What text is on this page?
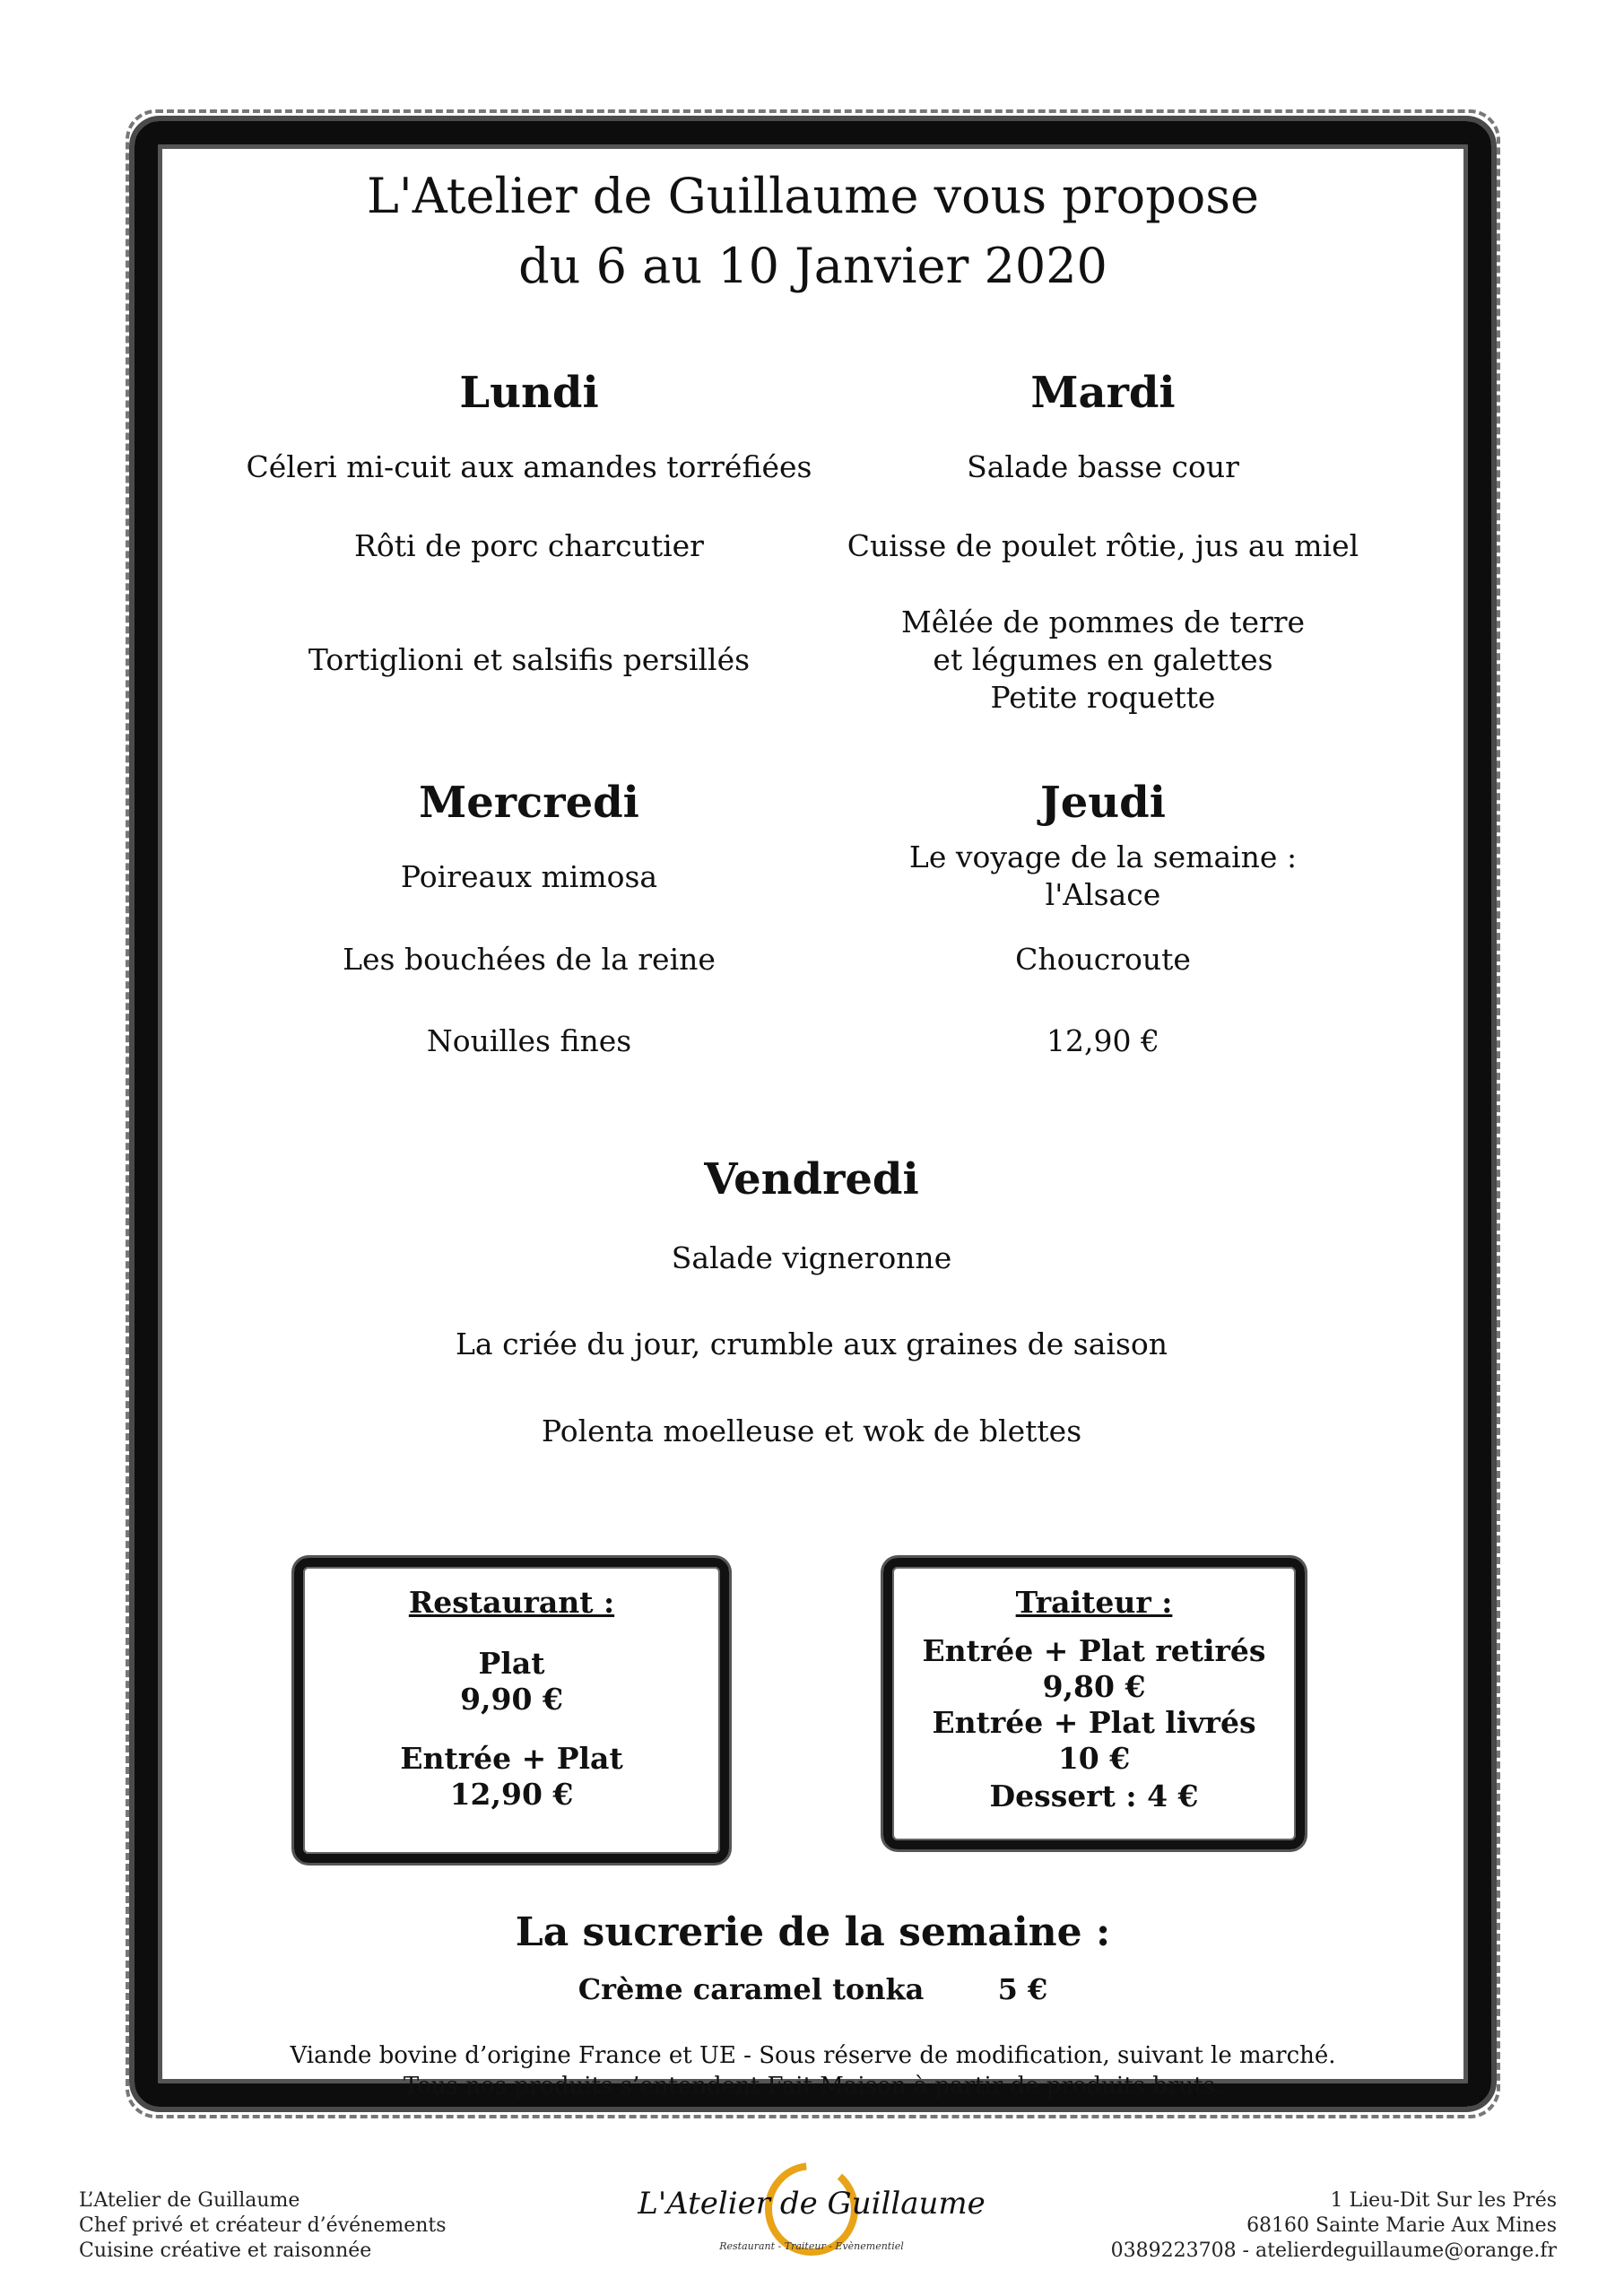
L'Atelier de Guillaume vous propose
du 6 au 10 Janvier 2020
Lundi
Céleri mi-cuit aux amandes torréfiées
Rôti de porc charcutier
Tortiglioni et salsifis persillés
Mardi
Salade basse cour
Cuisse de poulet rôtie, jus au miel
Mêlée de pommes de terre
et légumes en galettes
Petite roquette
Mercredi
Poireaux mimosa
Les bouchées de la reine
Nouilles fines
Jeudi
Le voyage de la semaine :
l'Alsace
Choucroute
12,90 €
Vendredi
Salade vigneronne
La criée du jour, crumble aux graines de saison
Polenta moelleuse et wok de blettes
Restaurant :
Plat
9,90 €
Entrée + Plat
12,90 €
Traiteur :
Entrée + Plat retirés
9,80 €
Entrée + Plat livrés
10 €
Dessert : 4 €
La sucrerie de la semaine :
Crème caramel tonka	5 €
Viande bovine d’origine France et UE - Sous réserve de modification, suivant le marché.
Tous nos produits s’entendent Fait Maison à partir de produits bruts.
L'Atelier de Guillaume
Restaurant - Traiteur - Evènementiel
L’Atelier de Guillaume
Chef privé et créateur d’événements
Cuisine créative et raisonnée
1 Lieu-Dit Sur les Prés
68160 Sainte Marie Aux Mines
0389223708 - atelierdeguillaume@orange.fr
